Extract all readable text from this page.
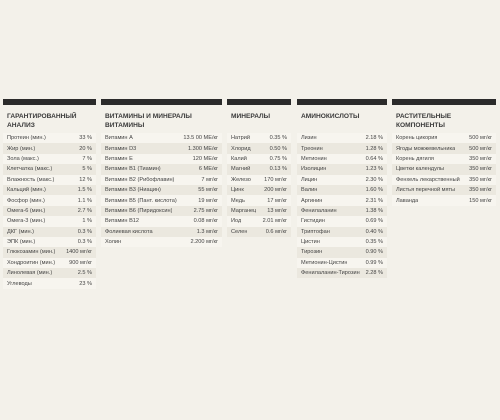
ГАРАНТИРОВАННЫЙ АНАЛИЗ
Протеин (мин.)	33 %
Жир (мин.)	20 %
Зола (макс.)	7 %
Клетчатка (макс.)	5 %
Влажность (макс.)	12 %
Кальций (мин.)	1.5 %
Фосфор (мин.)	1.1 %
Омега-6 (мин.)	2.7 %
Омега-3 (мин.)	1 %
ДКГ (мин.)	0.3 %
ЭПК (мин.)	0.3 %
Глюкозамин (мин.)	1400 мг/кг
Хондроитин (мин.)	900 мг/кг
Линолевая (мин.)	2.5 %
Углеводы	23 %
ВИТАМИНЫ И МИНЕРАЛЫ ВИТАМИНЫ
Витамин A	13.5 00 МЕ/кг
Витамин D3	1.300 МЕ/кг
Витамин E	120 МЕ/кг
Витамин B1 (Тиамин)	6 МЕ/кг
Витамин B2 (Рибофлавин)	7 мг/кг
Витамин B3 (Ниацин)	55 мг/кг
Витамин B5 (Пант. кислота)	19 мг/кг
Витамин B6 (Пиридоксин)	2.75 мг/кг
Витамин B12	0.08 мг/кг
Фолиевая кислота	1.3 мг/кг
Холин	2.200 мг/кг
МИНЕРАЛЫ
Натрий	0.35 %
Хлорид	0.50 %
Калий	0.75 %
Магний	0.13 %
Железо	170 мг/кг
Цинк	200 мг/кг
Медь	17 мг/кг
Марганец	13 мг/кг
Йод	2.01 мг/кг
Селен	0.6 мг/кг
АМИНОКИСЛОТЫ
Лизин	2.18 %
Треонин	1.28 %
Метионин	0.64 %
Изолицин	1.23 %
Лицин	2.30 %
Валин	1.60 %
Аргинин	2.31 %
Фенилаланин	1.38 %
Гистидин	0.69 %
Триптофан	0.40 %
Цистин	0.35 %
Тирозин	0.90 %
Метионин-Цистин	0.99 %
Фенилаланин-Тирозин	2.28 %
РАСТИТЕЛЬНЫЕ КОМПОНЕНТЫ
Корень цикория	500 мг/кг
Ягоды можжевельника	500 мг/кг
Корень дягиля	350 мг/кг
Цветки календулы	350 мг/кг
Фенхель лекарственный	350 мг/кг
Листья перечной мяты	350 мг/кг
Лаванда	150 мг/кг
